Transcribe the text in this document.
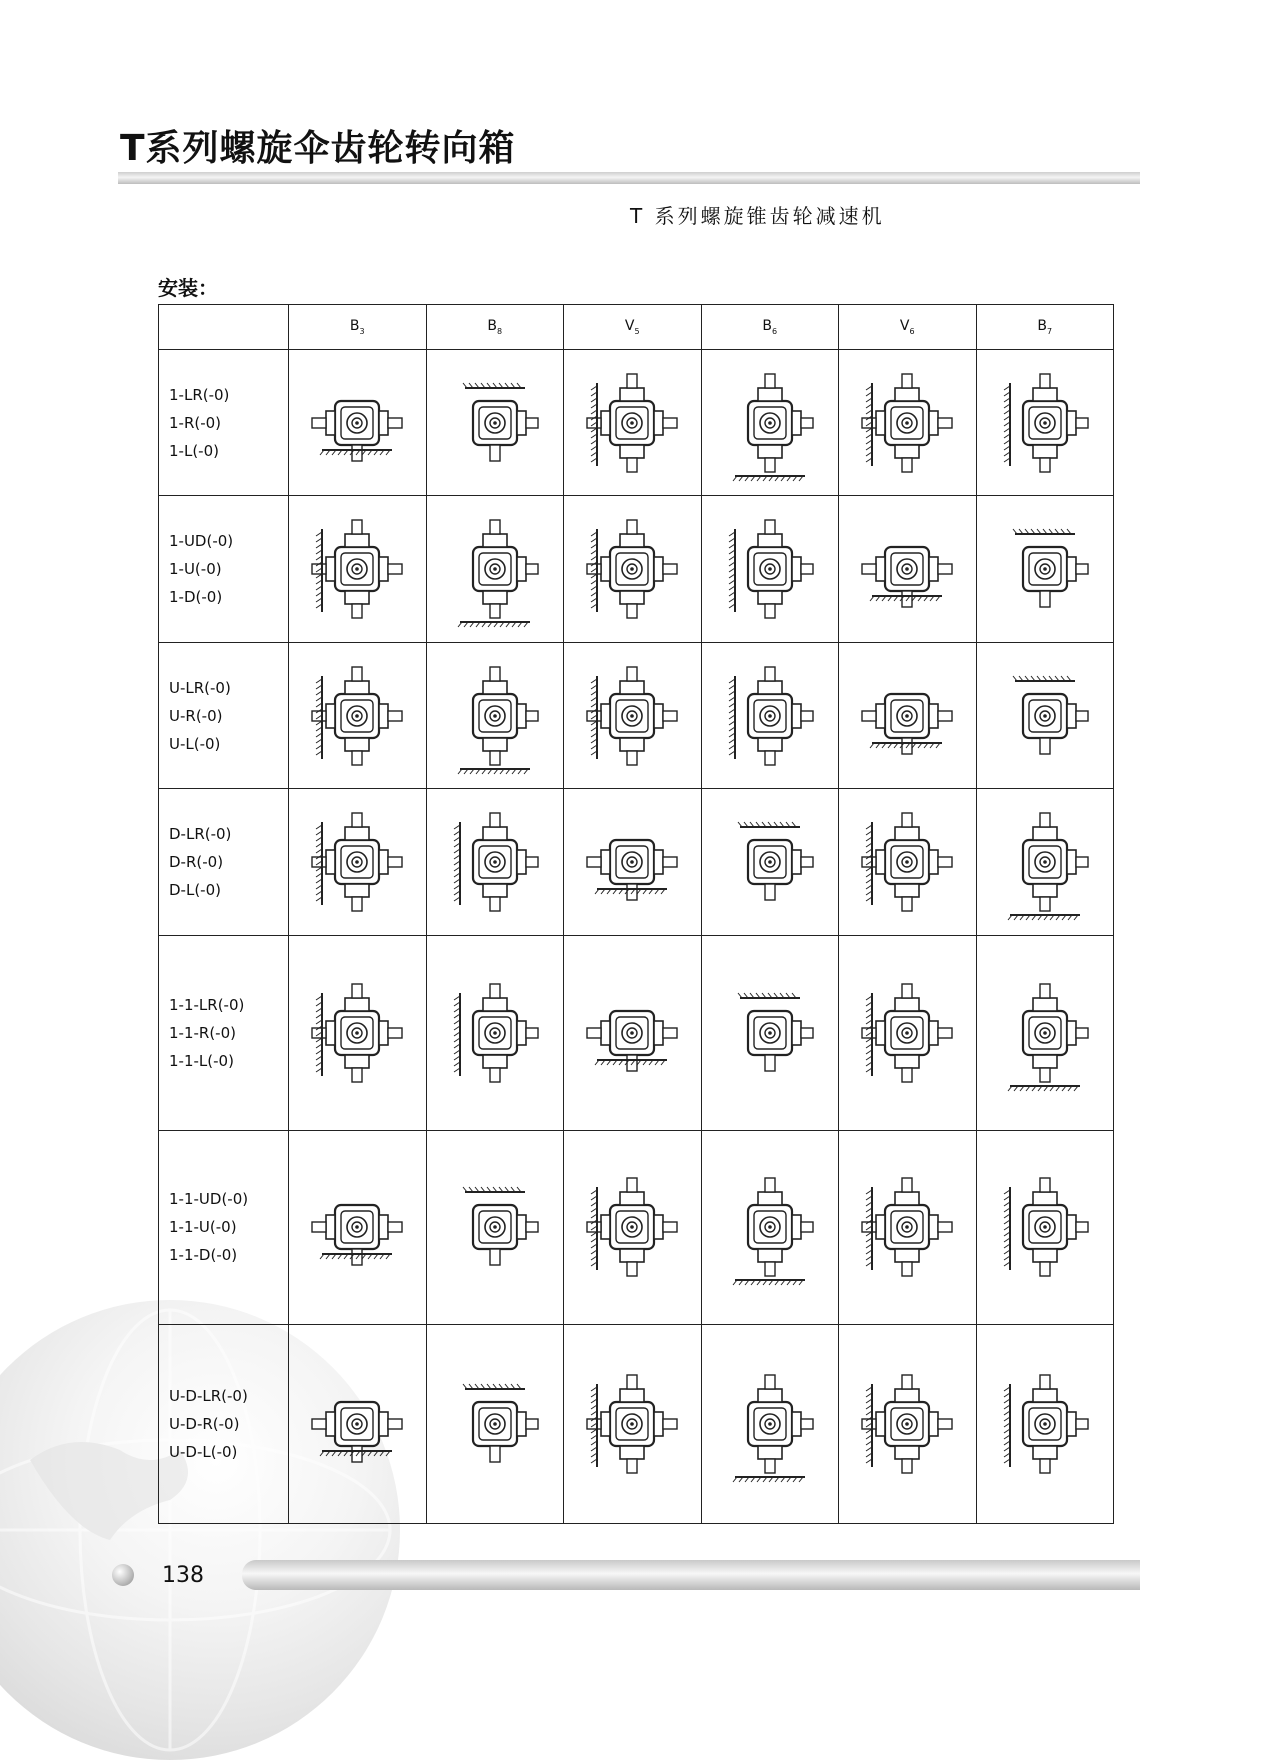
T系列螺旋伞齿轮转向箱
T 系列螺旋锥齿轮减速机
安装：
	$B_3$	$B_8$	$V_5$	$B_6$	$V_6$	$B_7$

1-LR(-0)
1-R(-0)
1-L(-0)

1-UD(-0)
1-U(-0)
1-D(-0)

U-LR(-0)
U-R(-0)
U-L(-0)

D-LR(-0)
D-R(-0)
D-L(-0)

1-1-LR(-0)
1-1-R(-0)
1-1-L(-0)

1-1-UD(-0)
1-1-U(-0)
1-1-D(-0)

U-D-LR(-0)
U-D-R(-0)
U-D-L(-0)

138
